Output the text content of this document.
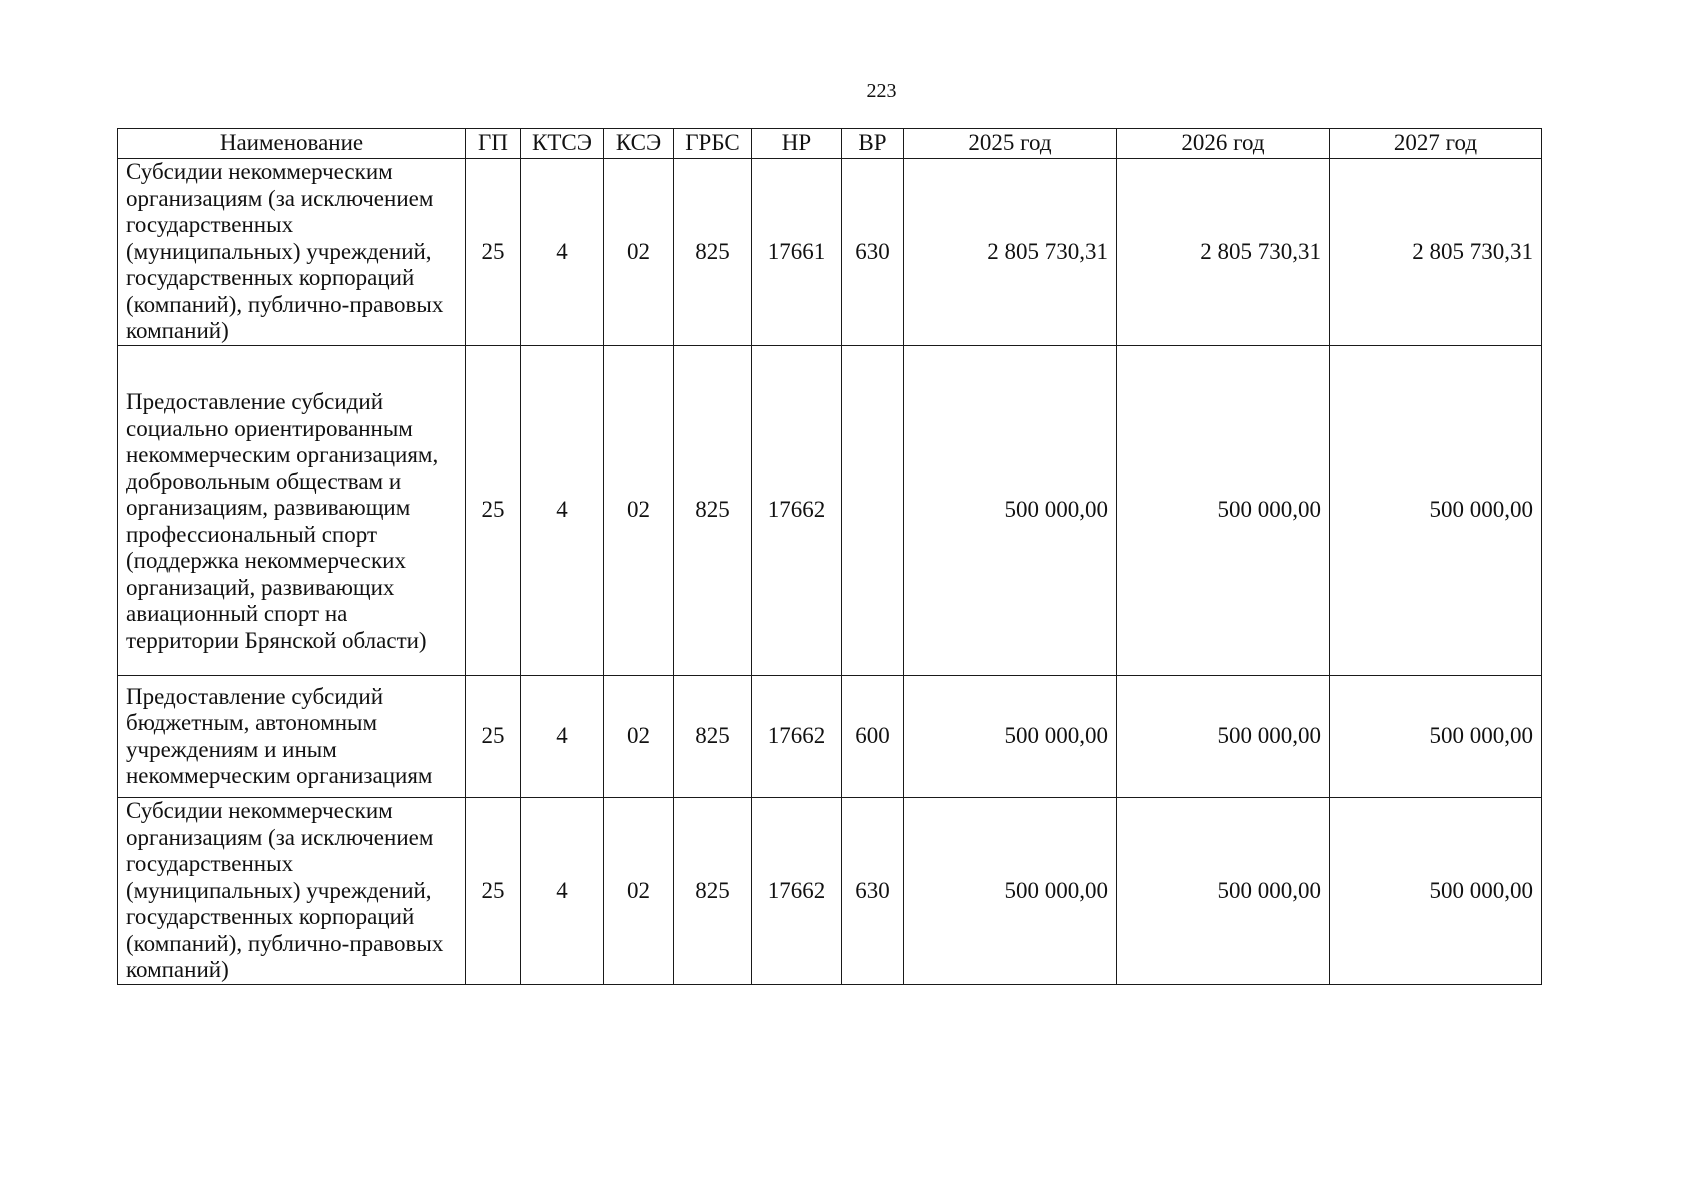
223
Наименование	ГП	КТСЭ	КСЭ	ГРБС	НР	ВР	2025 год	2026 год	2027 год
Субсидии некоммерческим организациям (за исключением государственных (муниципальных) учреждений, государственных корпораций (компаний), публично-правовых компаний)	25	4	02	825	17661	630	2 805 730,31	2 805 730,31	2 805 730,31
Предоставление субсидий социально ориентированным некоммерческим организациям, добровольным обществам и организациям, развивающим профессиональный спорт (поддержка некоммерческих организаций, развивающих авиационный спорт на территории Брянской области)	25	4	02	825	17662		500 000,00	500 000,00	500 000,00
Предоставление субсидий бюджетным, автономным учреждениям и иным некоммерческим организациям	25	4	02	825	17662	600	500 000,00	500 000,00	500 000,00
Субсидии некоммерческим организациям (за исключением государственных (муниципальных) учреждений, государственных корпораций (компаний), публично-правовых компаний)	25	4	02	825	17662	630	500 000,00	500 000,00	500 000,00
